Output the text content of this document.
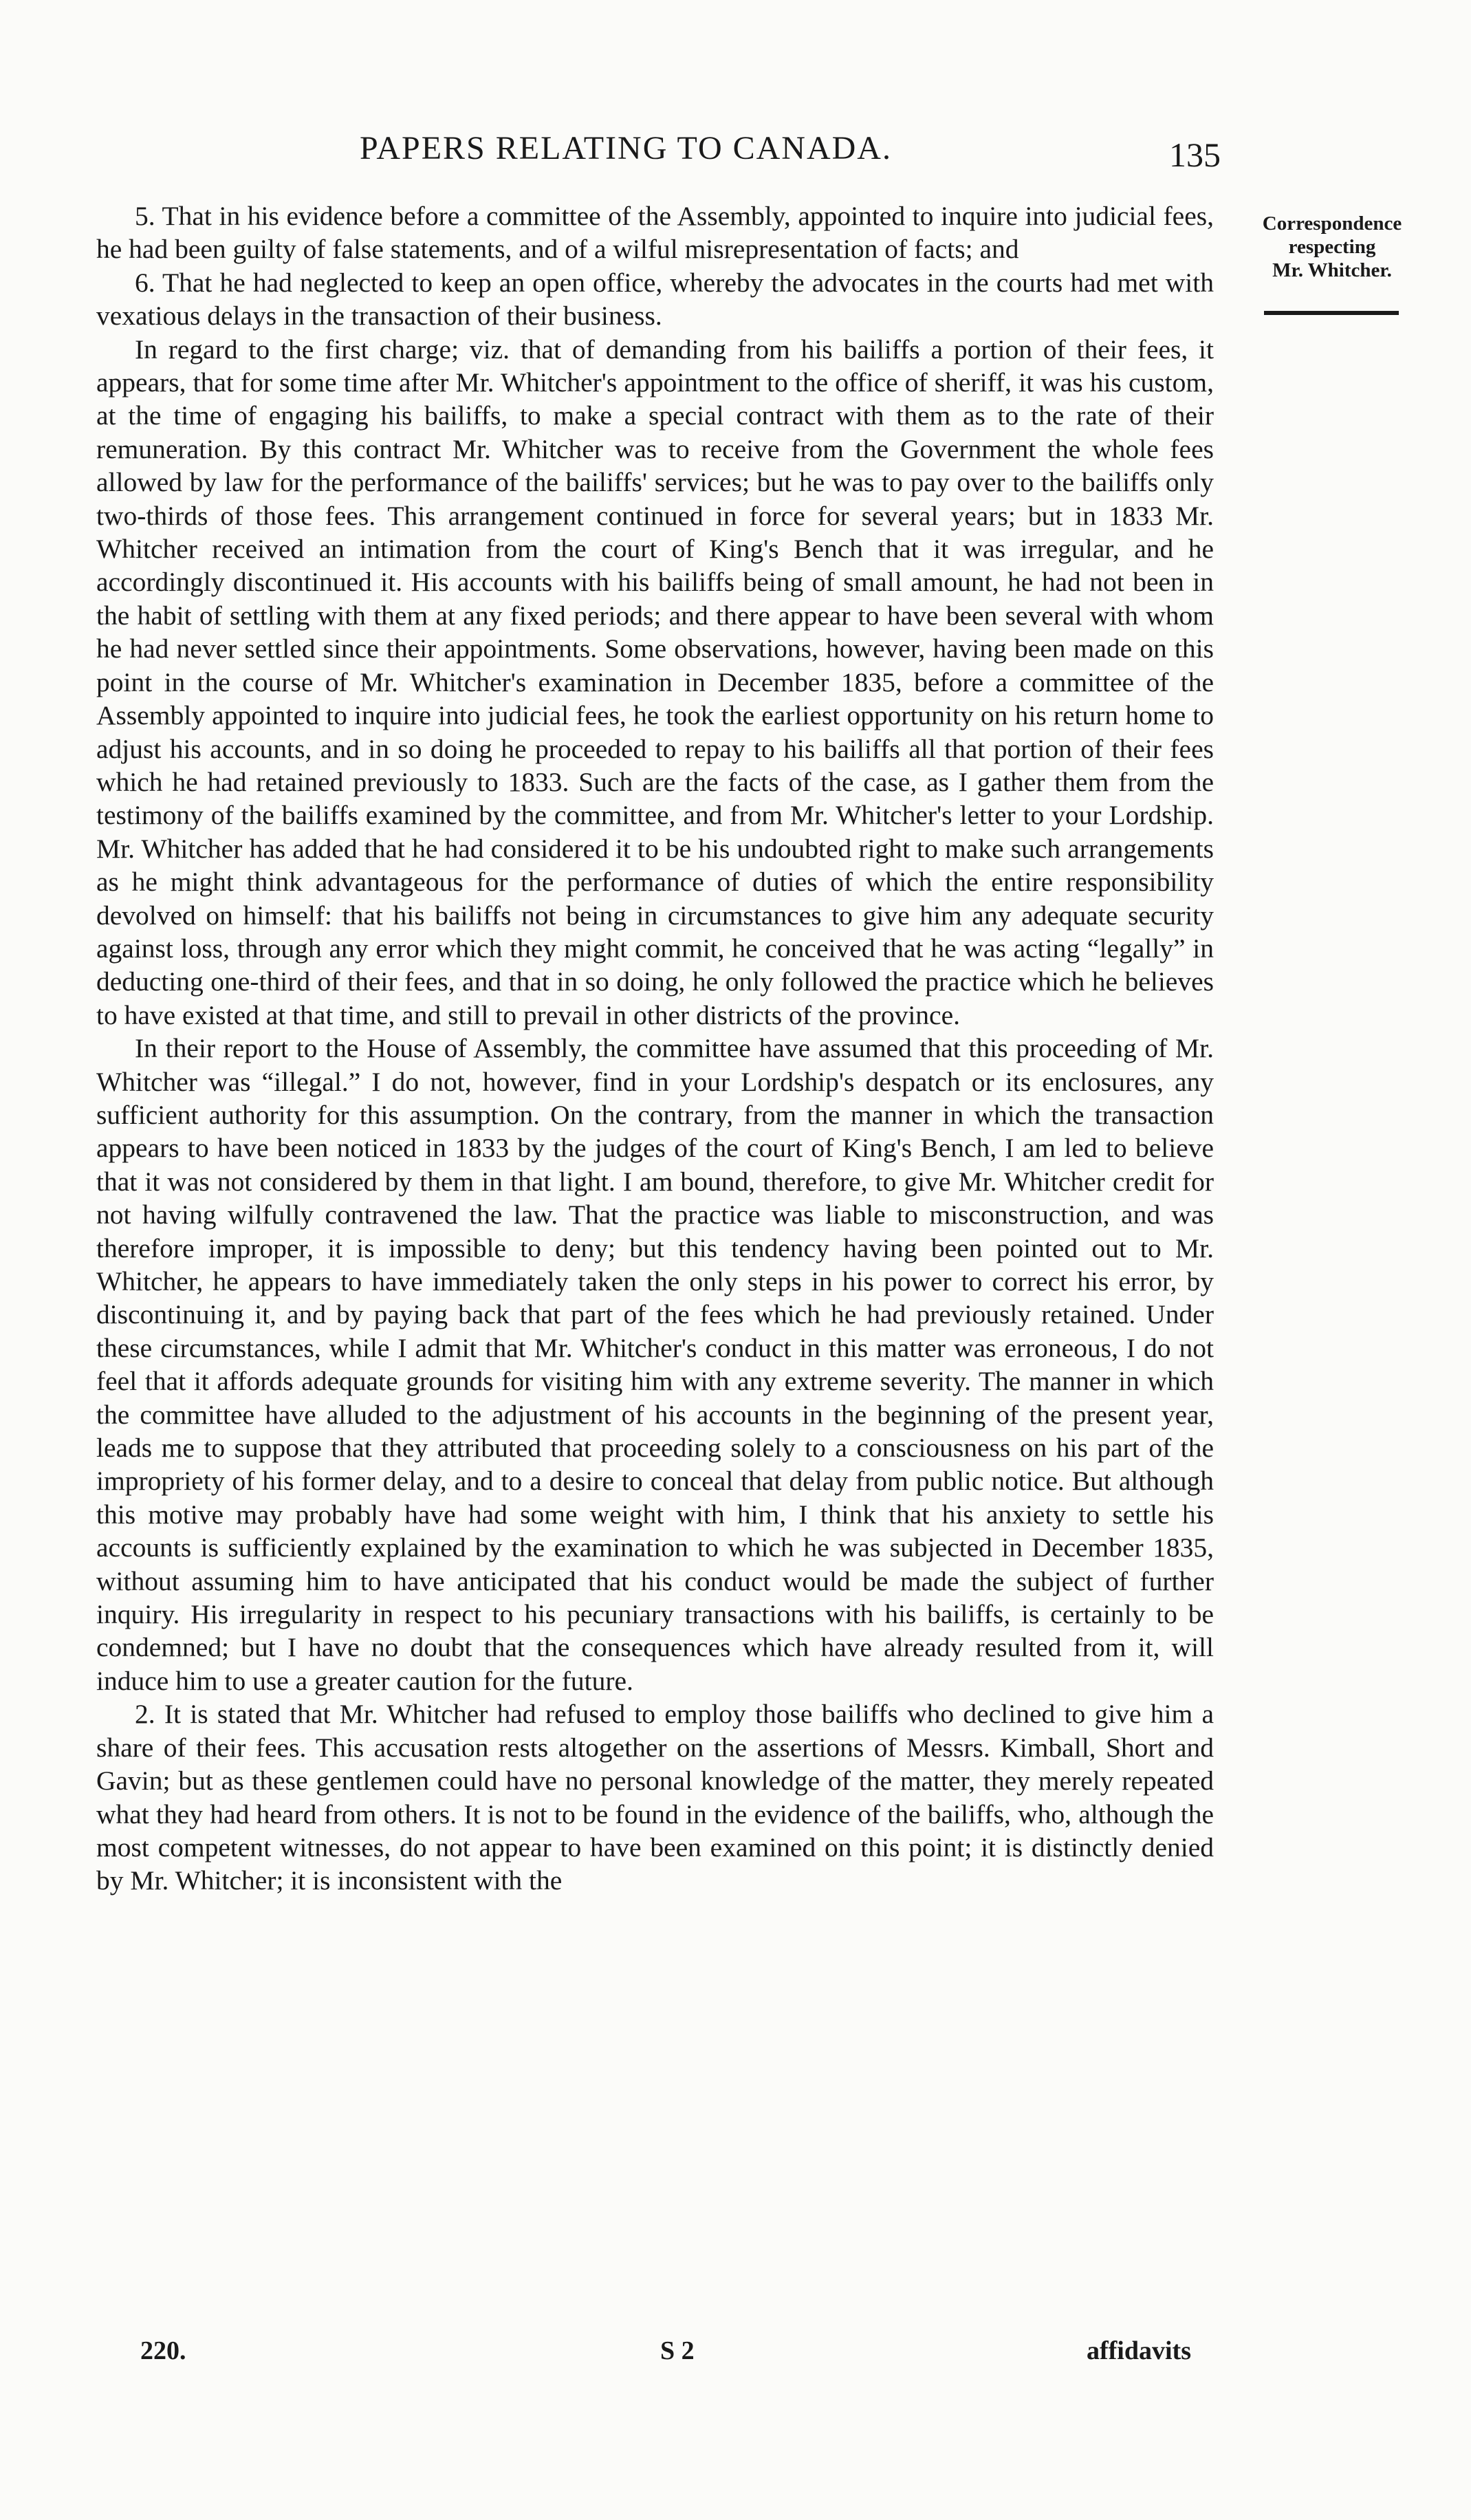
PAPERS RELATING TO CANADA.	135
Correspondence
respecting
Mr. Whitcher.

5. That in his evidence before a committee of the Assembly, appointed to inquire into judicial fees, he had been guilty of false statements, and of a wilful misrepresentation of facts; and

6. That he had neglected to keep an open office, whereby the advocates in the courts had met with vexatious delays in the transaction of their business.

In regard to the first charge; viz. that of demanding from his bailiffs a portion of their fees, it appears, that for some time after Mr. Whitcher's appointment to the office of sheriff, it was his custom, at the time of engaging his bailiffs, to make a special contract with them as to the rate of their remuneration. By this contract Mr. Whitcher was to receive from the Government the whole fees allowed by law for the performance of the bailiffs' services; but he was to pay over to the bailiffs only two-thirds of those fees. This arrangement continued in force for several years; but in 1833 Mr. Whitcher received an intimation from the court of King's Bench that it was irregular, and he accordingly discontinued it. His accounts with his bailiffs being of small amount, he had not been in the habit of settling with them at any fixed periods; and there appear to have been several with whom he had never settled since their appointments. Some observations, however, having been made on this point in the course of Mr. Whitcher's examination in December 1835, before a committee of the Assembly appointed to inquire into judicial fees, he took the earliest opportunity on his return home to adjust his accounts, and in so doing he proceeded to repay to his bailiffs all that portion of their fees which he had retained previously to 1833. Such are the facts of the case, as I gather them from the testimony of the bailiffs examined by the committee, and from Mr. Whitcher's letter to your Lordship. Mr. Whitcher has added that he had considered it to be his undoubted right to make such arrangements as he might think advantageous for the performance of duties of which the entire responsibility devolved on himself: that his bailiffs not being in circumstances to give him any adequate security against loss, through any error which they might commit, he conceived that he was acting “legally” in deducting one-third of their fees, and that in so doing, he only followed the practice which he believes to have existed at that time, and still to prevail in other districts of the province.

In their report to the House of Assembly, the committee have assumed that this proceeding of Mr. Whitcher was “illegal.” I do not, however, find in your Lordship's despatch or its enclosures, any sufficient authority for this assumption. On the contrary, from the manner in which the transaction appears to have been noticed in 1833 by the judges of the court of King's Bench, I am led to believe that it was not considered by them in that light. I am bound, therefore, to give Mr. Whitcher credit for not having wilfully contravened the law. That the practice was liable to misconstruction, and was therefore improper, it is impossible to deny; but this tendency having been pointed out to Mr. Whitcher, he appears to have immediately taken the only steps in his power to correct his error, by discontinuing it, and by paying back that part of the fees which he had previously retained. Under these circumstances, while I admit that Mr. Whitcher's conduct in this matter was erroneous, I do not feel that it affords adequate grounds for visiting him with any extreme severity. The manner in which the committee have alluded to the adjustment of his accounts in the beginning of the present year, leads me to suppose that they attributed that proceeding solely to a consciousness on his part of the impropriety of his former delay, and to a desire to conceal that delay from public notice. But although this motive may probably have had some weight with him, I think that his anxiety to settle his accounts is sufficiently explained by the examination to which he was subjected in December 1835, without assuming him to have anticipated that his conduct would be made the subject of further inquiry. His irregularity in respect to his pecuniary transactions with his bailiffs, is certainly to be condemned; but I have no doubt that the consequences which have already resulted from it, will induce him to use a greater caution for the future.

2. It is stated that Mr. Whitcher had refused to employ those bailiffs who declined to give him a share of their fees. This accusation rests altogether on the assertions of Messrs. Kimball, Short and Gavin; but as these gentlemen could have no personal knowledge of the matter, they merely repeated what they had heard from others. It is not to be found in the evidence of the bailiffs, who, although the most competent witnesses, do not appear to have been examined on this point; it is distinctly denied by Mr. Whitcher; it is inconsistent with the

220.	S 2	affidavits
